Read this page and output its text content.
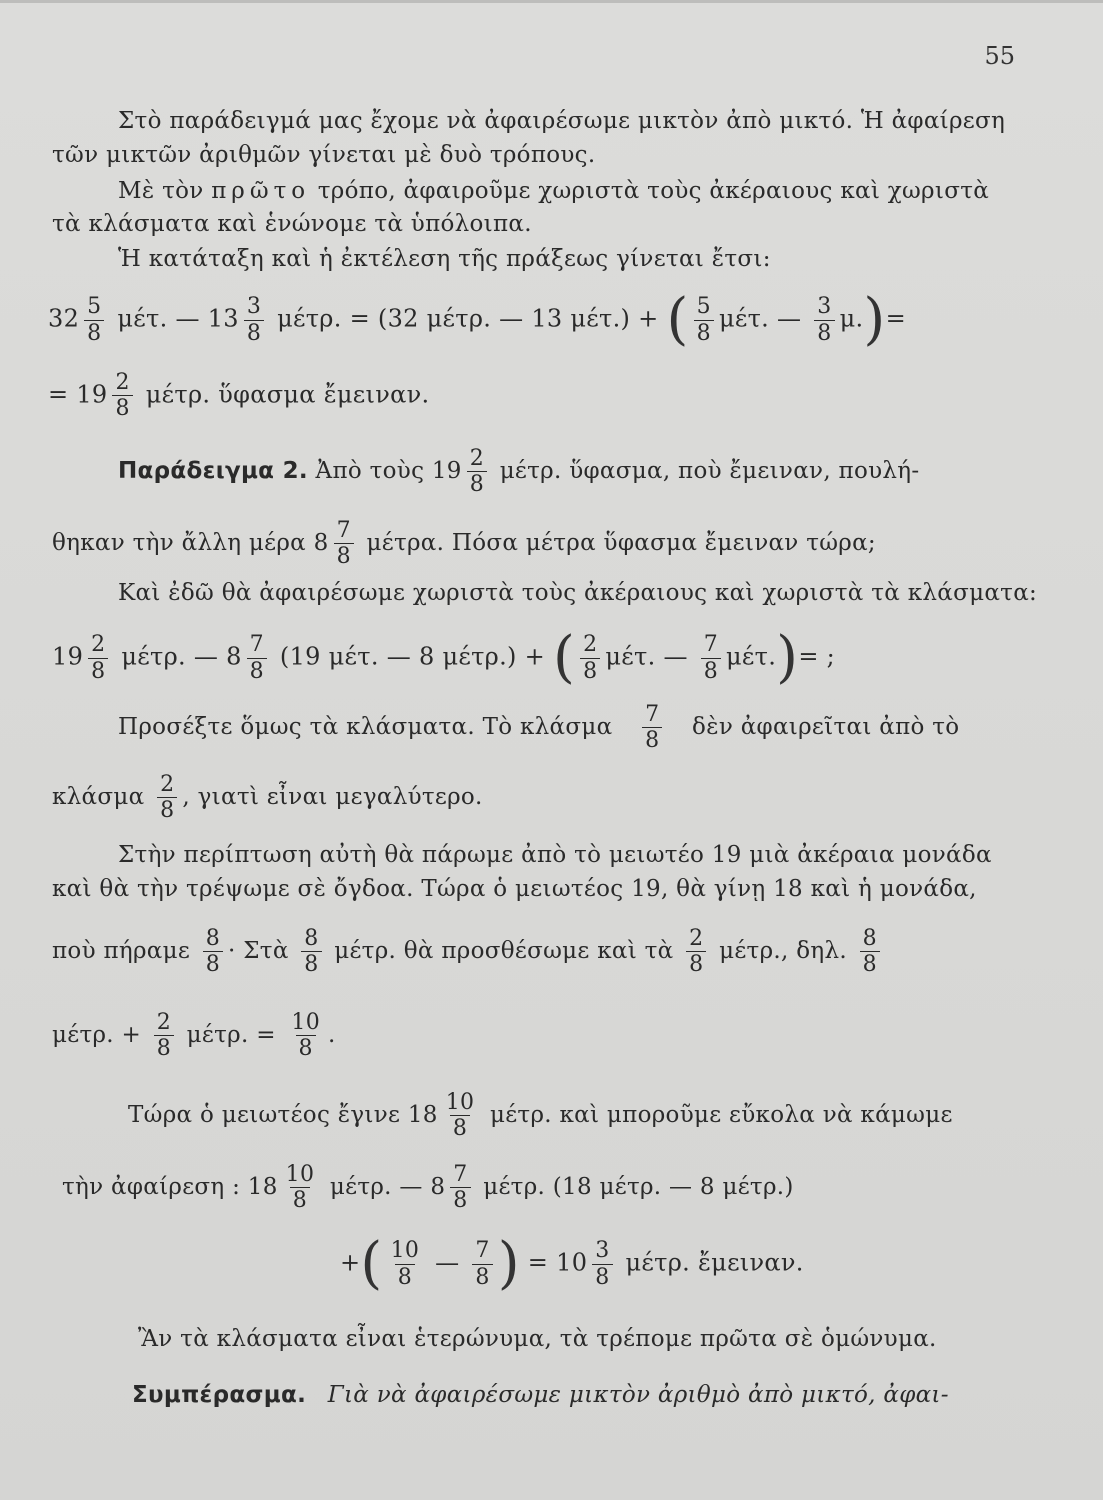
55
Στὸ παράδειγμά μας ἔχομε νὰ ἀφαιρέσωμε μικτὸν ἀπὸ μικτό. Ἡ ἀφαίρεση
τῶν μικτῶν ἀριθμῶν γίνεται μὲ δυὸ τρόπους.
Μὲ τὸν πρῶτο τρόπο, ἀφαιροῦμε χωριστὰ τοὺς ἀκέραιους καὶ χωριστὰ
τὰ κλάσματα καὶ ἑνώνομε τὰ ὑπόλοιπα.
Ἡ κατάταξη καὶ ἡ ἐκτέλεση τῆς πράξεως γίνεται ἔτσι:
$32 \frac{5}{8} \mu έ\tau$. — $13 \frac{3}{8} \mu έ\tau\rho$. = (32 μέτρ. — 13 μέτ.) + ( $\frac{5}{8} \mu έ\tau$. — $\frac{3}{8} \mu.)=$
= $19 \frac{2}{8} \mu έ\tau\rho$. ὕφασμα ἔμειναν.
Παράδειγμα 2. Ἀπὸ τοὺς $19 \frac{2}{8} \mu έ\tau\rho$. ὕφασμα, ποὺ ἔμειναν, πουλή-
θηκαν τὴν ἄλλη μέρα $8 \frac{7}{8} \mu έ\tau\rho\alpha$. Πόσα μέτρα ὕφασμα ἔμειναν τώρα;
Καὶ ἐδῶ θὰ ἀφαιρέσωμε χωριστὰ τοὺς ἀκέραιους καὶ χωριστὰ τὰ κλάσματα:
$19 \frac{2}{8} \mu έ\tau\rho$. — $8 \frac{7}{8} (19$ μέτ. — 8 μέτρ.) + ( $\frac{2}{8} \mu έ\tau$. — $\frac{7}{8} \mu έ\tau.)=$ ;
Προσέξτε ὅμως τὰ κλάσματα. Τὸ κλάσμα $\frac{7}{8}$ δὲν ἀφαιρεῖται ἀπὸ τὸ
κλάσμα $\frac{2}{8}$ , γιατὶ εἶναι μεγαλύτερο.
Στὴν περίπτωση αὐτὴ θὰ πάρωμε ἀπὸ τὸ μειωτέο 19 μιὰ ἀκέραια μονάδα
καὶ θὰ τὴν τρέψωμε σὲ ὄγδοα. Τώρα ὁ μειωτέος 19, θὰ γίνῃ 18 καὶ ἡ μονάδα,
ποὺ πήραμε $\frac{8}{8}$ · Στὰ $\frac{8}{8} \mu έ\tau\rho$. θὰ προσθέσωμε καὶ τὰ $\frac{2}{8} \mu έ\tau\rho$., δηλ. $\frac{8}{8}$
μέτρ. + $\frac{2}{8} \mu έ\tau\rho$. = $\frac{10}{8}$ .
Τώρα ὁ μειωτέος ἔγινε $18 \frac{10}{8} \mu έ\tau\rho$. καὶ μποροῦμε εὔκολα νὰ κάμωμε
τὴν ἀφαίρεση : $18 \frac{10}{8} \mu έ\tau\rho$. — $8 \frac{7}{8} \mu έ\tau\rho$. (18 μέτρ. — 8 μέτρ.)
+( $\frac{10}{8}$ — $\frac{7}{8}$ ) = $10 \frac{3}{8} \mu έ\tau\rho$. ἔμειναν.
Ἂν τὰ κλάσματα εἶναι ἑτερώνυμα, τὰ τρέπομε πρῶτα σὲ ὁμώνυμα.
Συμπέρασμα. Γιὰ νὰ ἀφαιρέσωμε μικτὸν ἀριθμὸ ἀπὸ μικτό, ἀφαι-
